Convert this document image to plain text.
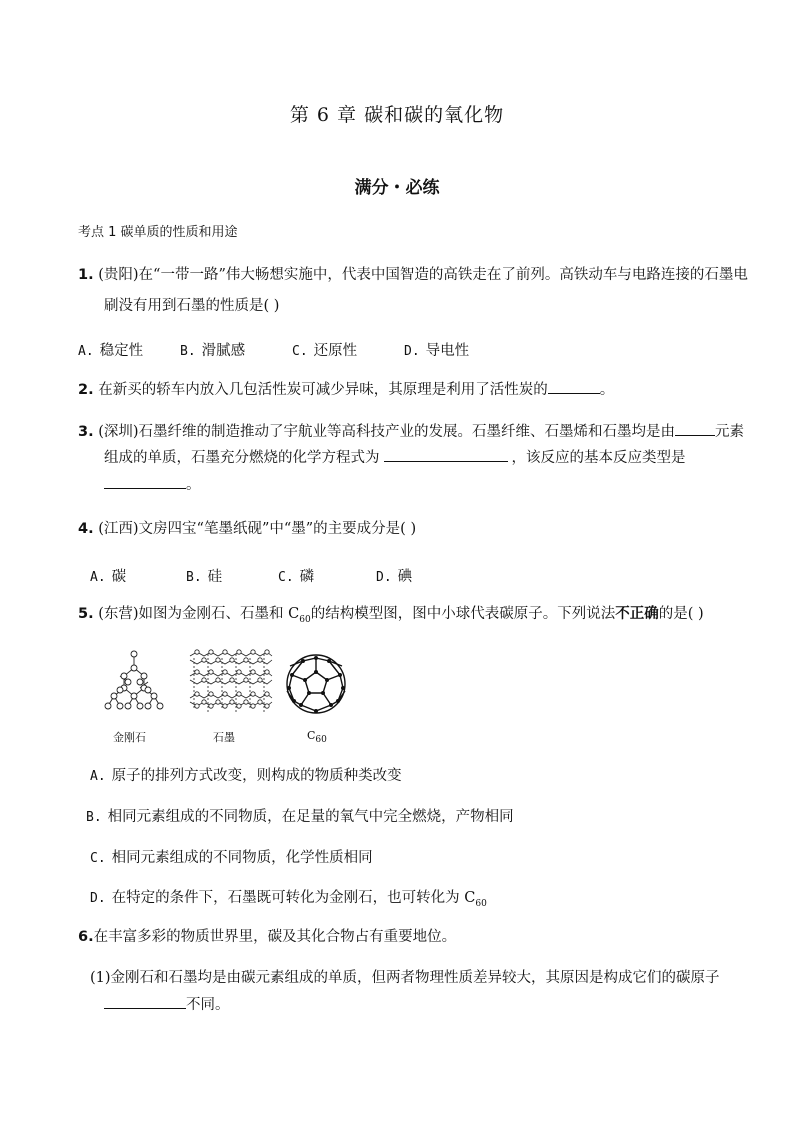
第 6 章 碳和碳的氧化物
满分・必练
考点 1 碳单质的性质和用途
1. (贵阳)在“一带一路”伟大畅想实施中，代表中国智造的高铁走在了前列。高铁动车与电路连接的石墨电
刷没有用到石墨的性质是( )
A. 稳定性	B. 滑腻感	C. 还原性	D. 导电性
2. 在新买的轿车内放入几包活性炭可减少异味，其原理是利用了活性炭的	。
3. (深圳)石墨纤维的制造推动了宇航业等高科技产业的发展。石墨纤维、石墨烯和石墨均是由	元素
组成的单质，石墨充分燃烧的化学方程式为	，该反应的基本反应类型是
。
4. (江西)文房四宝“笔墨纸砚”中“墨”的主要成分是( )
A. 碳	B. 硅	C. 磷	D. 碘
5. (东营)如图为金刚石、石墨和 $C_{60}$的结构模型图，图中小球代表碳原子。下列说法不正确的是( )
金刚石	石墨	$C_{60}$
A. 原子的排列方式改变，则构成的物质种类改变
B. 相同元素组成的不同物质，在足量的氧气中完全燃烧，产物相同
C. 相同元素组成的不同物质，化学性质相同
D. 在特定的条件下，石墨既可转化为金刚石，也可转化为 $C_{60}$
6.在丰富多彩的物质世界里，碳及其化合物占有重要地位。
(1)金刚石和石墨均是由碳元素组成的单质，但两者物理性质差异较大，其原因是构成它们的碳原子
不同。
